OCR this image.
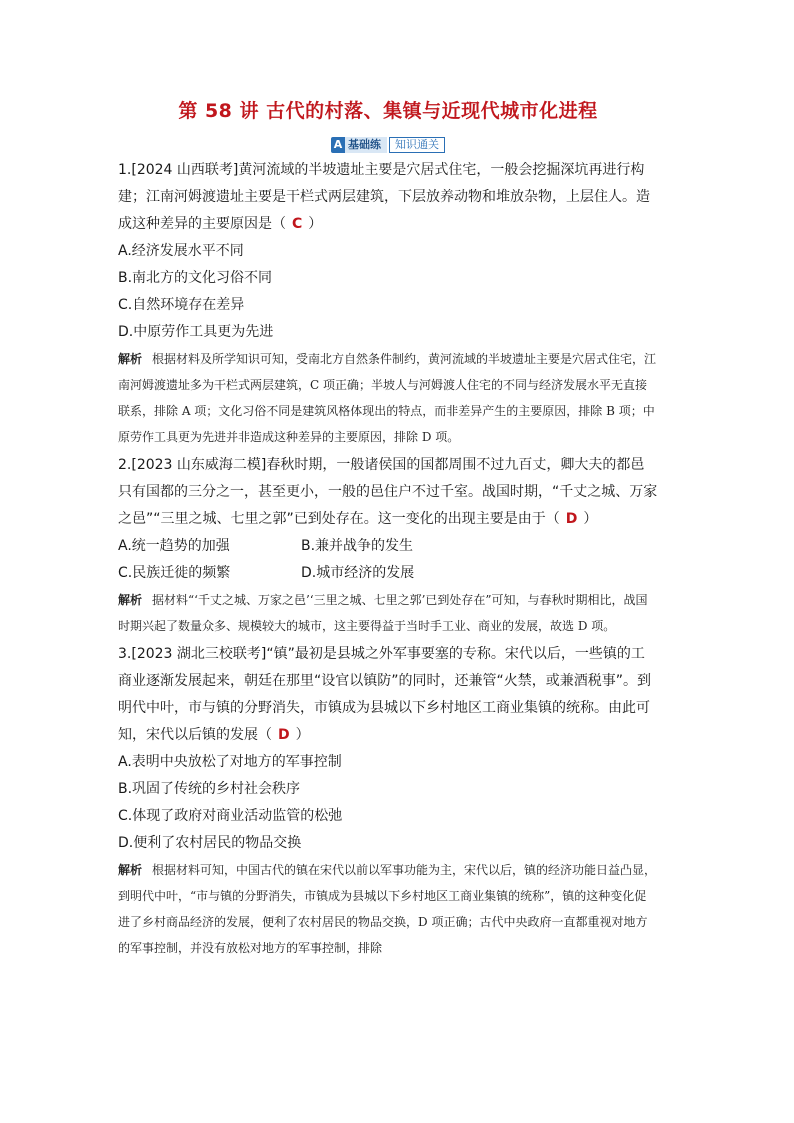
第 58 讲 古代的村落、集镇与近现代城市化进程
A 基础练	知识通关

1.[2024 山西联考]黄河流域的半坡遗址主要是穴居式住宅，一般会挖掘深坑再进行构建；江南河姆渡遗址主要是干栏式两层建筑，下层放养动物和堆放杂物，上层住人。造成这种差异的主要原因是（ C ）

A.经济发展水平不同

B.南北方的文化习俗不同

C.自然环境存在差异

D.中原劳作工具更为先进

解析 根据材料及所学知识可知，受南北方自然条件制约，黄河流域的半坡遗址主要是穴居式住宅，江南河姆渡遗址多为干栏式两层建筑，C 项正确；半坡人与河姆渡人住宅的不同与经济发展水平无直接联系，排除 A 项；文化习俗不同是建筑风格体现出的特点，而非差异产生的主要原因，排除 B 项；中原劳作工具更为先进并非造成这种差异的主要原因，排除 D 项。

2.[2023 山东威海二模]春秋时期，一般诸侯国的国都周围不过九百丈，卿大夫的都邑只有国都的三分之一，甚至更小，一般的邑住户不过千室。战国时期，“千丈之城、万家之邑”“三里之城、七里之郭”已到处存在。这一变化的出现主要是由于（ D ）

A.统一趋势的加强	B.兼并战争的发生
C.民族迁徙的频繁	D.城市经济的发展

解析 据材料“‘千丈之城、万家之邑’‘三里之城、七里之郭’已到处存在”可知，与春秋时期相比，战国时期兴起了数量众多、规模较大的城市，这主要得益于当时手工业、商业的发展，故选 D 项。

3.[2023 湖北三校联考]“镇”最初是县城之外军事要塞的专称。宋代以后，一些镇的工商业逐渐发展起来，朝廷在那里“设官以镇防”的同时，还兼管“火禁，或兼酒税事”。到明代中叶，市与镇的分野消失，市镇成为县城以下乡村地区工商业集镇的统称。由此可知，宋代以后镇的发展（ D ）

A.表明中央放松了对地方的军事控制

B.巩固了传统的乡村社会秩序

C.体现了政府对商业活动监管的松弛

D.便利了农村居民的物品交换

解析 根据材料可知，中国古代的镇在宋代以前以军事功能为主，宋代以后，镇的经济功能日益凸显，到明代中叶，“市与镇的分野消失，市镇成为县城以下乡村地区工商业集镇的统称”，镇的这种变化促进了乡村商品经济的发展，便利了农村居民的物品交换，D 项正确；古代中央政府一直都重视对地方的军事控制，并没有放松对地方的军事控制，排除
